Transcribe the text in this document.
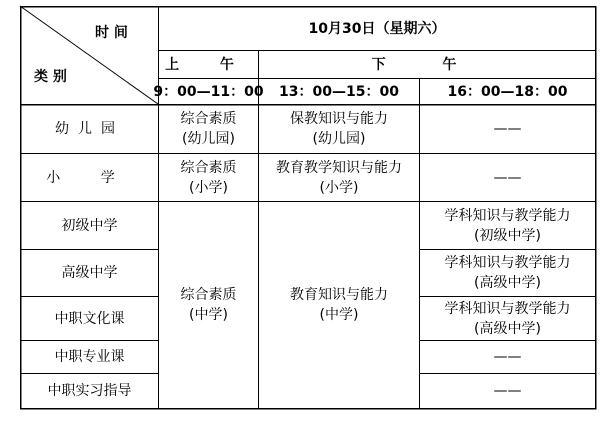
时 间
类 别
10月30日（星期六）
上 午	下 午
9：00—11：00 13：00—15：00	16：00—18：00
幼儿园
小 学
初级中学
高级中学
中职文化课
中职专业课
中职实习指导
综合素质
(幼儿园)
保教知识与能力
(幼儿园)
——
综合素质
(小学)
教育教学知识与能力
(小学)
——
综合素质
(中学)
教育知识与能力
(中学)
学科知识与教学能力
(初级中学)
学科知识与教学能力
(高级中学)
学科知识与教学能力
(高级中学)
——
——
